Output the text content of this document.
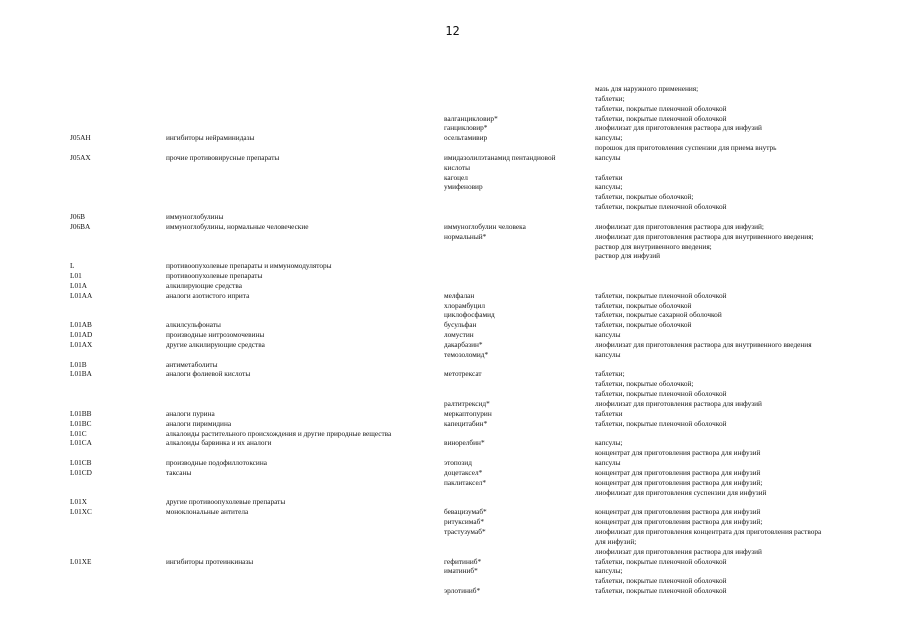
12
мазь для наружного применения;
таблетки;
таблетки, покрытые пленочной оболочкой
валганцикловир*	таблетки, покрытые пленочной оболочкой
ганцикловир*	лиофилизат для приготовления раствора для инфузий
J05AH	ингибиторы нейраминидазы	осельтамивир	капсулы;
порошок для приготовления суспензии для приема внутрь
J05AX	прочие противовирусные препараты	имидазолилэтанамид пентандиовой	капсулы
кислоты
кагоцел	таблетки
умифеновир	капсулы;
таблетки, покрытые оболочкой;
таблетки, покрытые пленочной оболочкой
J06B	иммуноглобулины
J06BA	иммуноглобулины, нормальные человеческие	иммуноглобулин человека	лиофилизат для приготовления раствора для инфузий;
нормальный*	лиофилизат для приготовления раствора для внутривенного введения;
раствор для внутривенного введения;
раствор для инфузий
L	противоопухолевые препараты и иммуномодуляторы
L01	противоопухолевые препараты
L01A	алкилирующие средства
L01AA	аналоги азотистого иприта	мелфалан	таблетки, покрытые пленочной оболочкой
хлорамбуцил	таблетки, покрытые оболочкой
циклофосфамид	таблетки, покрытые сахарной оболочкой
L01AB	алкилсульфонаты	бусульфан	таблетки, покрытые оболочкой
L01AD	производные нитрозомочевины	ломустин	капсулы
L01AX	другие алкилирующие средства	дакарбазин*	лиофилизат для приготовления раствора для внутривенного введения
темозоломид*	капсулы
L01B	антиметаболиты
L01BA	аналоги фолиевой кислоты	метотрексат	таблетки;
таблетки, покрытые оболочкой;
таблетки, покрытые пленочной оболочкой
ралтитрексид*	лиофилизат для приготовления раствора для инфузий
L01BB	аналоги пурина	меркаптопурин	таблетки
L01BC	аналоги пиримидина	капецитабин*	таблетки, покрытые пленочной оболочкой
L01C	алкалоиды растительного происхождения и другие природные вещества
L01CA	алкалоиды барвинка и их аналоги	винорелбин*	капсулы;
концентрат для приготовления раствора для инфузий
L01CB	производные подофиллотоксина	этопозид	капсулы
L01CD	таксаны	доцетаксел*	концентрат для приготовления раствора для инфузий
паклитаксел*	концентрат для приготовления раствора для инфузий;
лиофилизат для приготовления суспензии для инфузий
L01X	другие противоопухолевые препараты
L01XC	моноклональные антитела	бевацизумаб*	концентрат для приготовления раствора для инфузий
ритуксимаб*	концентрат для приготовления раствора для инфузий;
трастузумаб*	лиофилизат для приготовления концентрата для приготовления раствора
для инфузий;
лиофилизат для приготовления раствора для инфузий
L01XE	ингибиторы протеинкиназы	гефитиниб*	таблетки, покрытые пленочной оболочкой
иматиниб*	капсулы;
таблетки, покрытые пленочной оболочкой
эрлотиниб*	таблетки, покрытые пленочной оболочкой
